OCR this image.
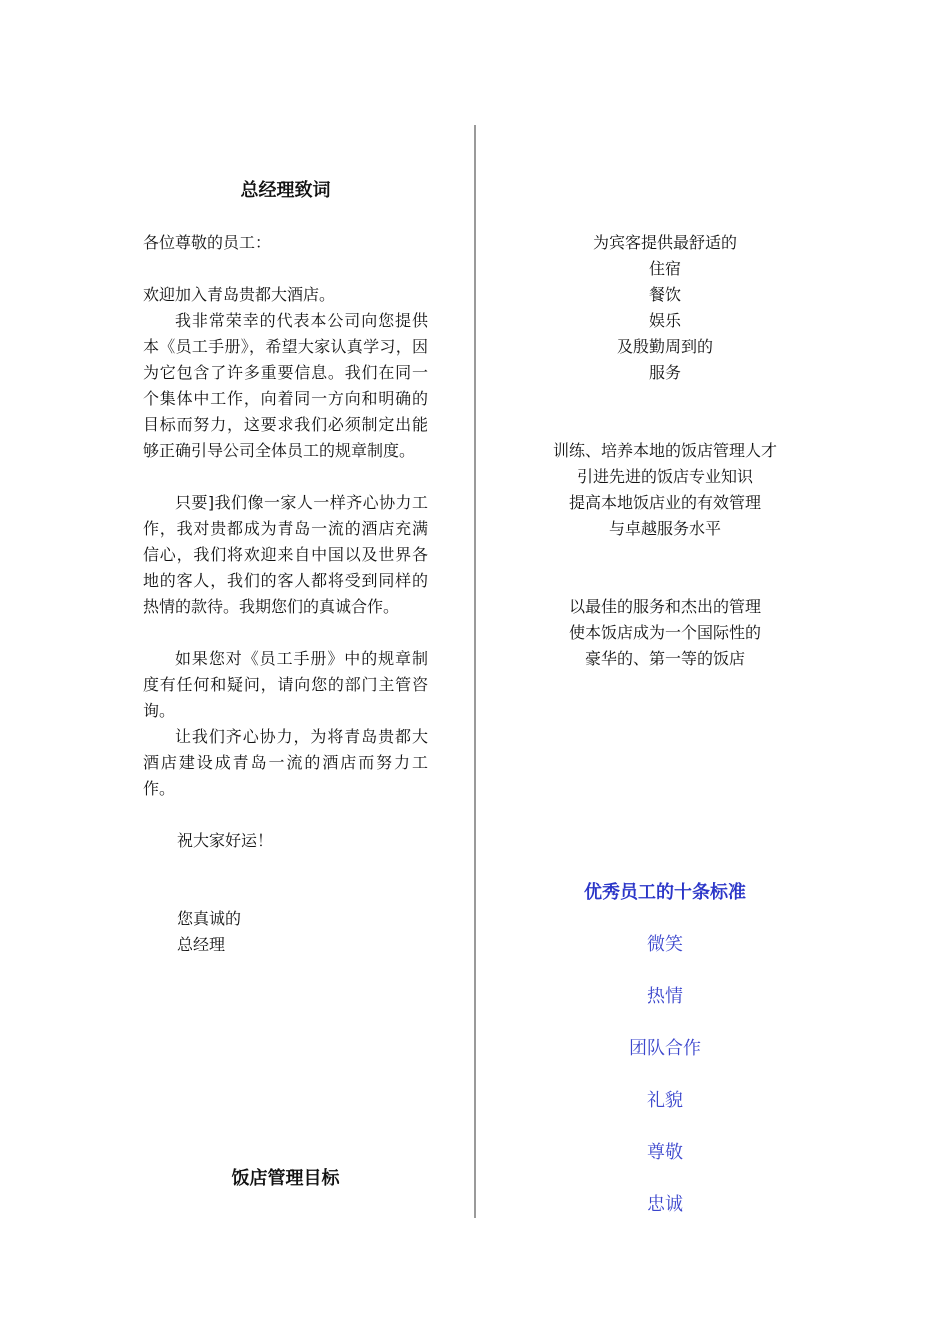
总经理致词
各位尊敬的员工：
欢迎加入青岛贵都大酒店。
我非常荣幸的代表本公司向您提供本《员工手册》，希望大家认真学习，因为它包含了许多重要信息。我们在同一个集体中工作，向着同一方向和明确的目标而努力，这要求我们必须制定出能够正确引导公司全体员工的规章制度。
只要]我们像一家人一样齐心协力工作，我对贵都成为青岛一流的酒店充满信心，我们将欢迎来自中国以及世界各地的客人，我们的客人都将受到同样的热情的款待。我期您们的真诚合作。
如果您对《员工手册》中的规章制度有任何和疑问，请向您的部门主管咨询。
让我们齐心协力，为将青岛贵都大酒店建设成青岛一流的酒店而努力工作。
祝大家好运！
您真诚的
总经理
饭店管理目标
为宾客提供最舒适的
住宿
餐饮
娱乐
及殷勤周到的
服务
训练、培养本地的饭店管理人才
引进先进的饭店专业知识
提高本地饭店业的有效管理
与卓越服务水平
以最佳的服务和杰出的管理
使本饭店成为一个国际性的
豪华的、第一等的饭店
优秀员工的十条标准
微笑
热情
团队合作
礼貌
尊敬
忠诚
